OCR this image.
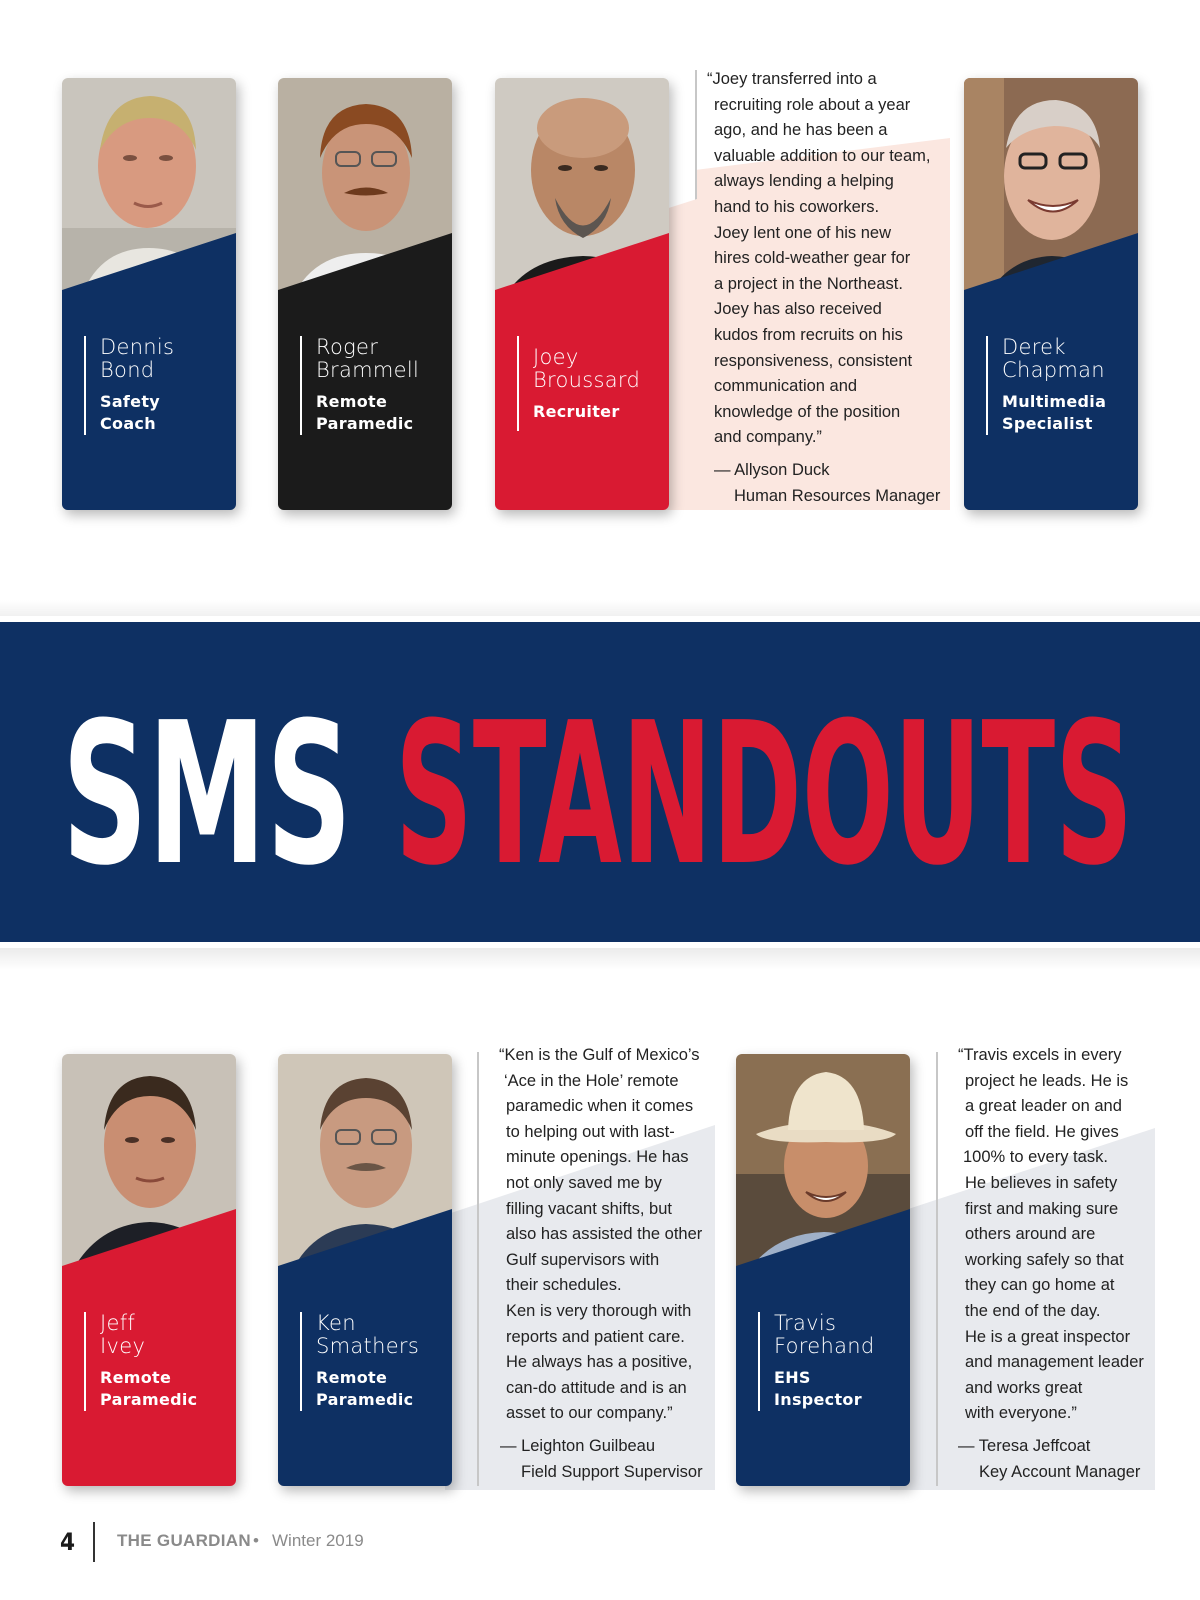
Dennis
Bond
Safety
Coach
Roger
Brammell
Remote
Paramedic
Joey
Broussard
Recruiter
“Joey transferred into a
recruiting role about a year
ago, and he has been a
valuable addition to our team,
always lending a helping
hand to his coworkers.
Joey lent one of his new
hires cold-weather gear for
a project in the Northeast.
Joey has also received
kudos from recruits on his
responsiveness, consistent
communication and
knowledge of the position
and company.”
— Allyson Duck
Human Resources Manager
Derek
Chapman
Multimedia
Specialist
SMS STANDOUTS
Jeff
Ivey
Remote
Paramedic
Ken
Smathers
Remote
Paramedic
“Ken is the Gulf of Mexico’s
‘Ace in the Hole’ remote
paramedic when it comes
to helping out with last-
minute openings. He has
not only saved me by
filling vacant shifts, but
also has assisted the other
Gulf supervisors with
their schedules.
Ken is very thorough with
reports and patient care.
He always has a positive,
can-do attitude and is an
asset to our company.”
— Leighton Guilbeau
Field Support Supervisor
Travis
Forehand
EHS
Inspector
“Travis excels in every
project he leads. He is
a great leader on and
off the field. He gives
100% to every task.
He believes in safety
first and making sure
others around are
working safely so that
they can go home at
the end of the day.
He is a great inspector
and management leader
and works great
with everyone.”
— Teresa Jeffcoat
Key Account Manager
4 THE GUARDIAN • Winter 2019
